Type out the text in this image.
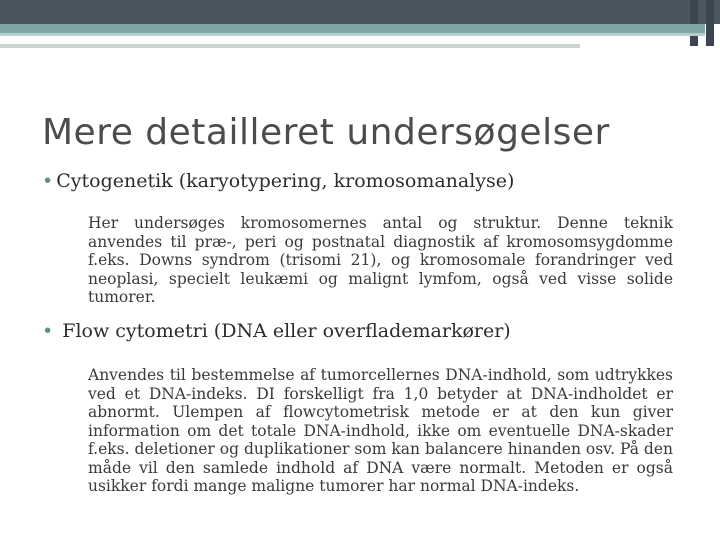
Mere detailleret undersøgelser

• Cytogenetik (karyotypering, kromosomanalyse)

Her undersøges kromosomernes antal og struktur. Denne teknik anvendes til præ-, peri og postnatal diagnostik af kromosomsygdomme f.eks. Downs syndrom (trisomi 21), og kromosomale forandringer ved neoplasi, specielt leukæmi og malignt lymfom, også ved visse solide tumorer.

• Flow cytometri (DNA eller overflademarkører)

Anvendes til bestemmelse af tumorcellernes DNA-indhold, som udtrykkes ved et DNA-indeks. DI forskelligt fra 1,0 betyder at DNA-indholdet er abnormt. Ulempen af flowcytometrisk metode er at den kun giver information om det totale DNA-indhold, ikke om eventuelle DNA-skader f.eks. deletioner og duplikationer som kan balancere hinanden osv. På den måde vil den samlede indhold af DNA være normalt. Metoden er også usikker fordi mange maligne tumorer har normal DNA-indeks.
